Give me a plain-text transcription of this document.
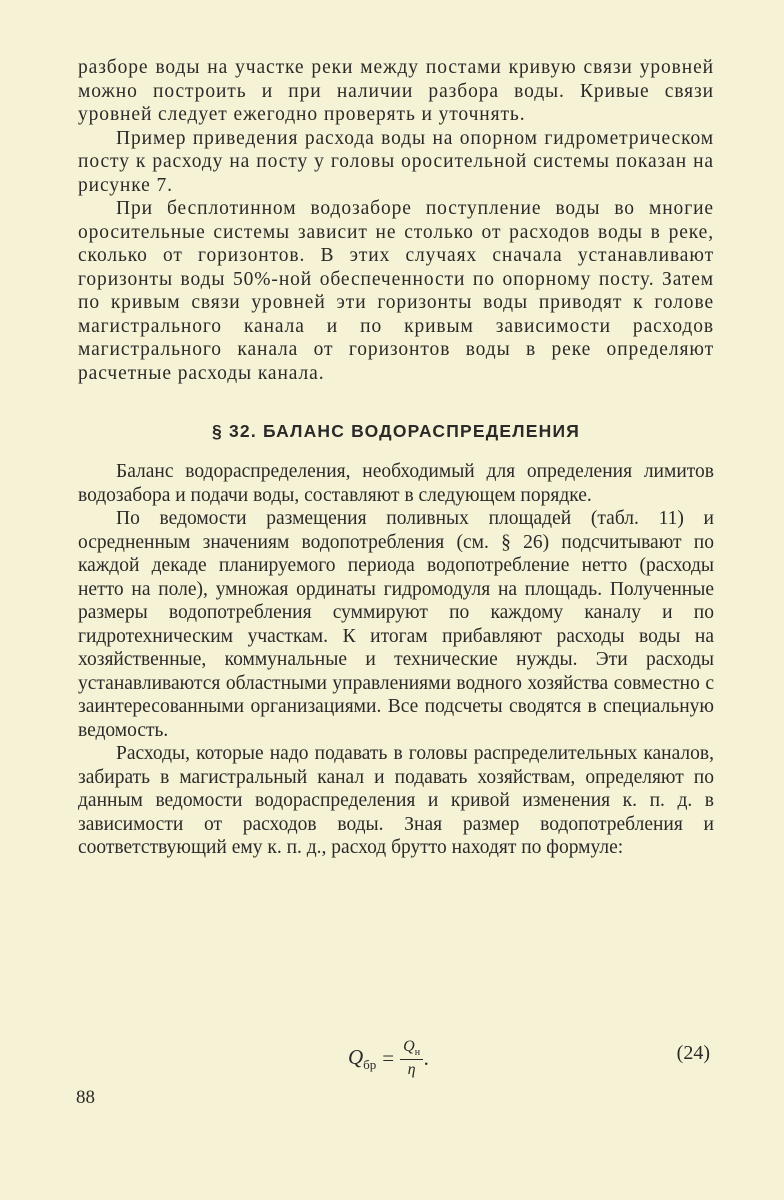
разборе воды на участке реки между постами кривую связи уровней можно построить и при наличии разбора воды. Кривые связи уровней следует ежегодно проверять и уточнять.

Пример приведения расхода воды на опорном гидрометрическом посту к расходу на посту у головы оросительной системы показан на рисунке 7.

При бесплотинном водозаборе поступление воды во многие оросительные системы зависит не столько от расходов воды в реке, сколько от горизонтов. В этих случаях сначала устанавливают горизонты воды 50%-ной обеспеченности по опорному посту. Затем по кривым связи уровней эти горизонты воды приводят к голове магистрального канала и по кривым зависимости расходов магистрального канала от горизонтов воды в реке определяют расчетные расходы канала.

§ 32. БАЛАНС ВОДОРАСПРЕДЕЛЕНИЯ

Баланс водораспределения, необходимый для определения лимитов водозабора и подачи воды, составляют в следующем порядке.

По ведомости размещения поливных площадей (табл. 11) и осредненным значениям водопотребления (см. § 26) подсчитывают по каждой декаде планируемого периода водопотребление нетто (расходы нетто на поле), умножая ординаты гидромодуля на площадь. Полученные размеры водопотребления суммируют по каждому каналу и по гидротехническим участкам. К итогам прибавляют расходы воды на хозяйственные, коммунальные и технические нужды. Эти расходы устанавливаются областными управлениями водного хозяйства совместно с заинтересованными организациями. Все подсчеты сводятся в специальную ведомость.

Расходы, которые надо подавать в головы распределительных каналов, забирать в магистральный канал и подавать хозяйствам, определяют по данным ведомости водораспределения и кривой изменения к. п. д. в зависимости от расходов воды. Зная размер водопотребления и соответствующий ему к. п. д., расход брутто находят по формуле:

$Q_{бр} = \frac{Q_н}{\eta}$ .	(24)
88
